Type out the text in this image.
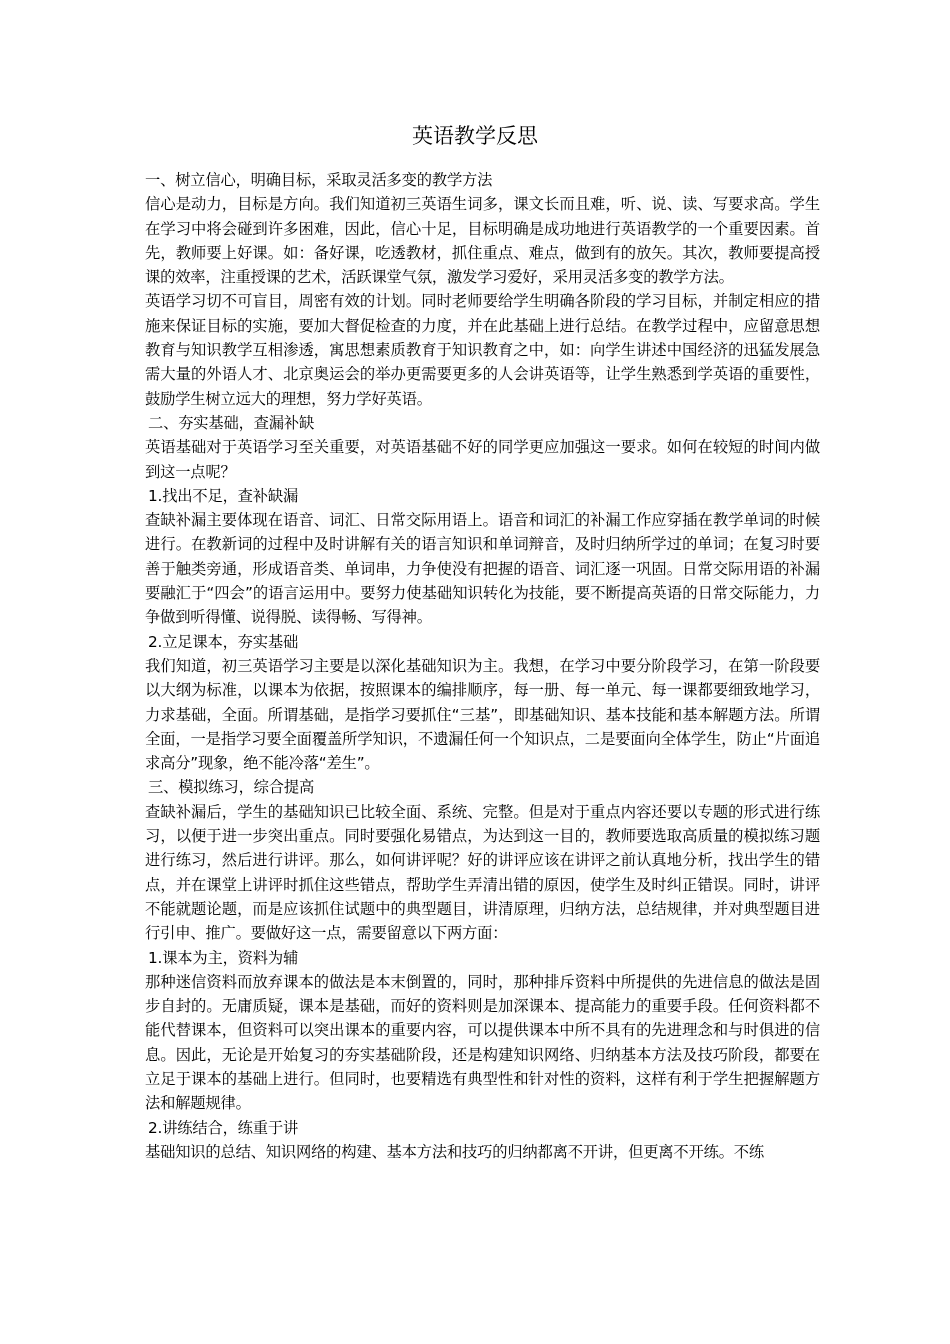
英语教学反思

一、树立信心，明确目标，采取灵活多变的教学方法

信心是动力，目标是方向。我们知道初三英语生词多，课文长而且难，听、说、读、写要求高。学生在学习中将会碰到许多困难，因此，信心十足，目标明确是成功地进行英语教学的一个重要因素。首先，教师要上好课。如：备好课，吃透教材，抓住重点、难点，做到有的放矢。其次，教师要提高授课的效率，注重授课的艺术，活跃课堂气氛，激发学习爱好，采用灵活多变的教学方法。

英语学习切不可盲目，周密有效的计划。同时老师要给学生明确各阶段的学习目标，并制定相应的措施来保证目标的实施，要加大督促检查的力度，并在此基础上进行总结。在教学过程中，应留意思想教育与知识教学互相渗透，寓思想素质教育于知识教育之中，如：向学生讲述中国经济的迅猛发展急需大量的外语人才、北京奥运会的举办更需要更多的人会讲英语等，让学生熟悉到学英语的重要性，鼓励学生树立远大的理想，努力学好英语。

二、夯实基础，查漏补缺

英语基础对于英语学习至关重要，对英语基础不好的同学更应加强这一要求。如何在较短的时间内做到这一点呢？

1.找出不足，查补缺漏

查缺补漏主要体现在语音、词汇、日常交际用语上。语音和词汇的补漏工作应穿插在教学单词的时候进行。在教新词的过程中及时讲解有关的语言知识和单词辩音，及时归纳所学过的单词；在复习时要善于触类旁通，形成语音类、单词串，力争使没有把握的语音、词汇逐一巩固。日常交际用语的补漏要融汇于“四会”的语言运用中。要努力使基础知识转化为技能，要不断提高英语的日常交际能力，力争做到听得懂、说得脱、读得畅、写得神。

2.立足课本，夯实基础

我们知道，初三英语学习主要是以深化基础知识为主。我想，在学习中要分阶段学习，在第一阶段要以大纲为标准，以课本为依据，按照课本的编排顺序，每一册、每一单元、每一课都要细致地学习，力求基础，全面。所谓基础，是指学习要抓住“三基”，即基础知识、基本技能和基本解题方法。所谓全面，一是指学习要全面覆盖所学知识，不遗漏任何一个知识点，二是要面向全体学生，防止“片面追求高分”现象，绝不能冷落“差生”。

三、模拟练习，综合提高

查缺补漏后，学生的基础知识已比较全面、系统、完整。但是对于重点内容还要以专题的形式进行练习，以便于进一步突出重点。同时要强化易错点，为达到这一目的，教师要选取高质量的模拟练习题进行练习，然后进行讲评。那么，如何讲评呢？好的讲评应该在讲评之前认真地分析，找出学生的错点，并在课堂上讲评时抓住这些错点，帮助学生弄清出错的原因，使学生及时纠正错误。同时，讲评不能就题论题，而是应该抓住试题中的典型题目，讲清原理，归纳方法，总结规律，并对典型题目进行引申、推广。要做好这一点，需要留意以下两方面：

1.课本为主，资料为辅

那种迷信资料而放弃课本的做法是本末倒置的，同时，那种排斥资料中所提供的先进信息的做法是固步自封的。无庸质疑，课本是基础，而好的资料则是加深课本、提高能力的重要手段。任何资料都不能代替课本，但资料可以突出课本的重要内容，可以提供课本中所不具有的先进理念和与时俱进的信息。因此，无论是开始复习的夯实基础阶段，还是构建知识网络、归纳基本方法及技巧阶段，都要在立足于课本的基础上进行。但同时，也要精选有典型性和针对性的资料，这样有利于学生把握解题方法和解题规律。

2.讲练结合，练重于讲

基础知识的总结、知识网络的构建、基本方法和技巧的归纳都离不开讲，但更离不开练。不练
